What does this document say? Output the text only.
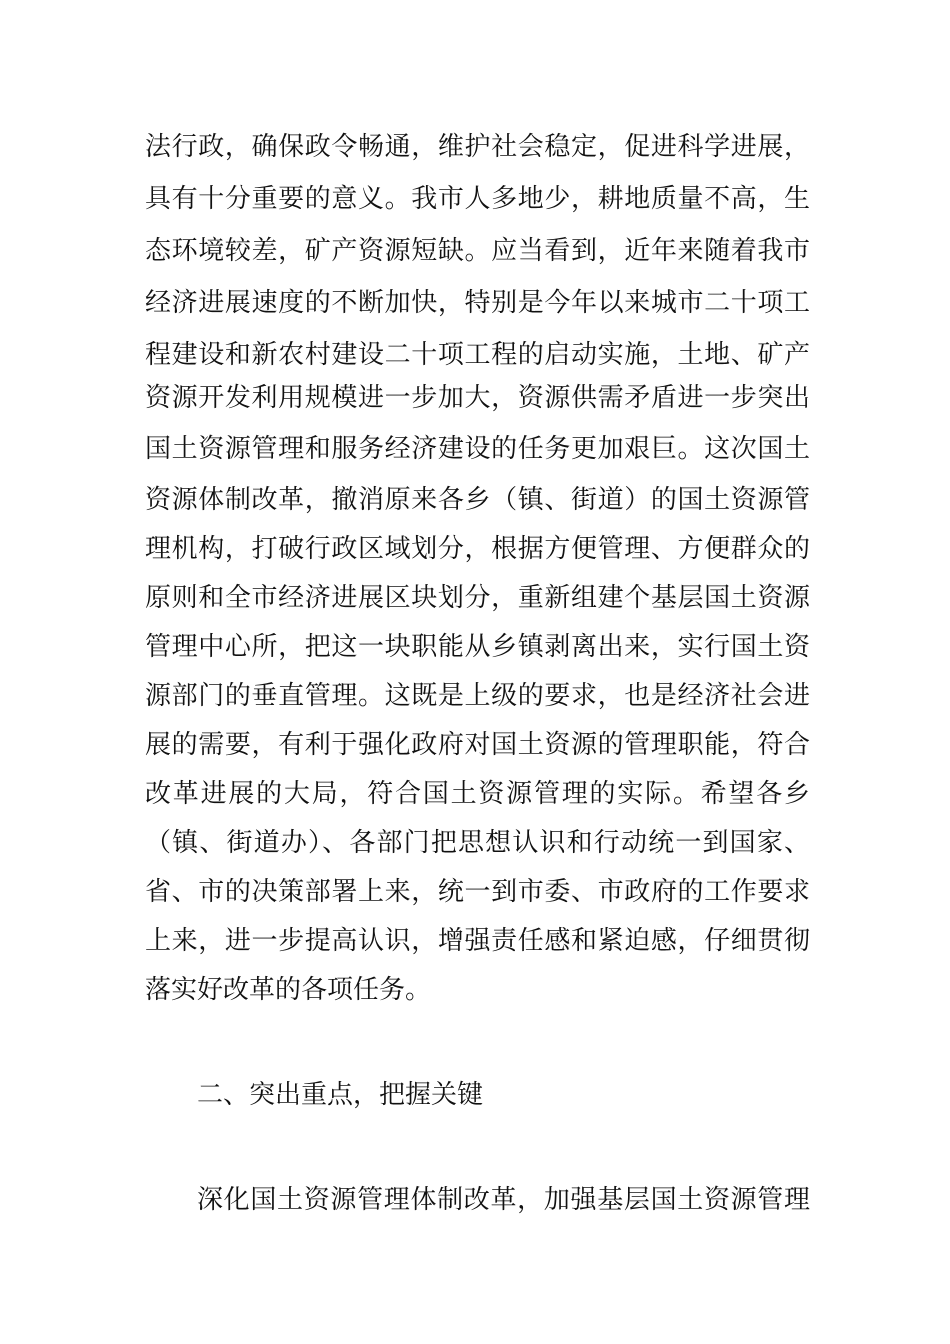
法行政，确保政令畅通，维护社会稳定，促进科学进展，
具有十分重要的意义。我市人多地少，耕地质量不高，生
态环境较差，矿产资源短缺。应当看到，近年来随着我市
经济进展速度的不断加快，特别是今年以来城市二十项工
程建设和新农村建设二十项工程的启动实施，土地、矿产
资源开发利用规模进一步加大，资源供需矛盾进一步突出
国土资源管理和服务经济建设的任务更加艰巨。这次国土
资源体制改革，撤消原来各乡（镇、街道）的国土资源管
理机构，打破行政区域划分，根据方便管理、方便群众的
原则和全市经济进展区块划分，重新组建个基层国土资源
管理中心所，把这一块职能从乡镇剥离出来，实行国土资
源部门的垂直管理。这既是上级的要求，也是经济社会进
展的需要，有利于强化政府对国土资源的管理职能，符合
改革进展的大局，符合国土资源管理的实际。希望各乡
（镇、街道办）、各部门把思想认识和行动统一到国家、
省、市的决策部署上来，统一到市委、市政府的工作要求
上来，进一步提高认识，增强责任感和紧迫感，仔细贯彻
落实好改革的各项任务。
二、突出重点，把握关键
深化国土资源管理体制改革，加强基层国土资源管理
